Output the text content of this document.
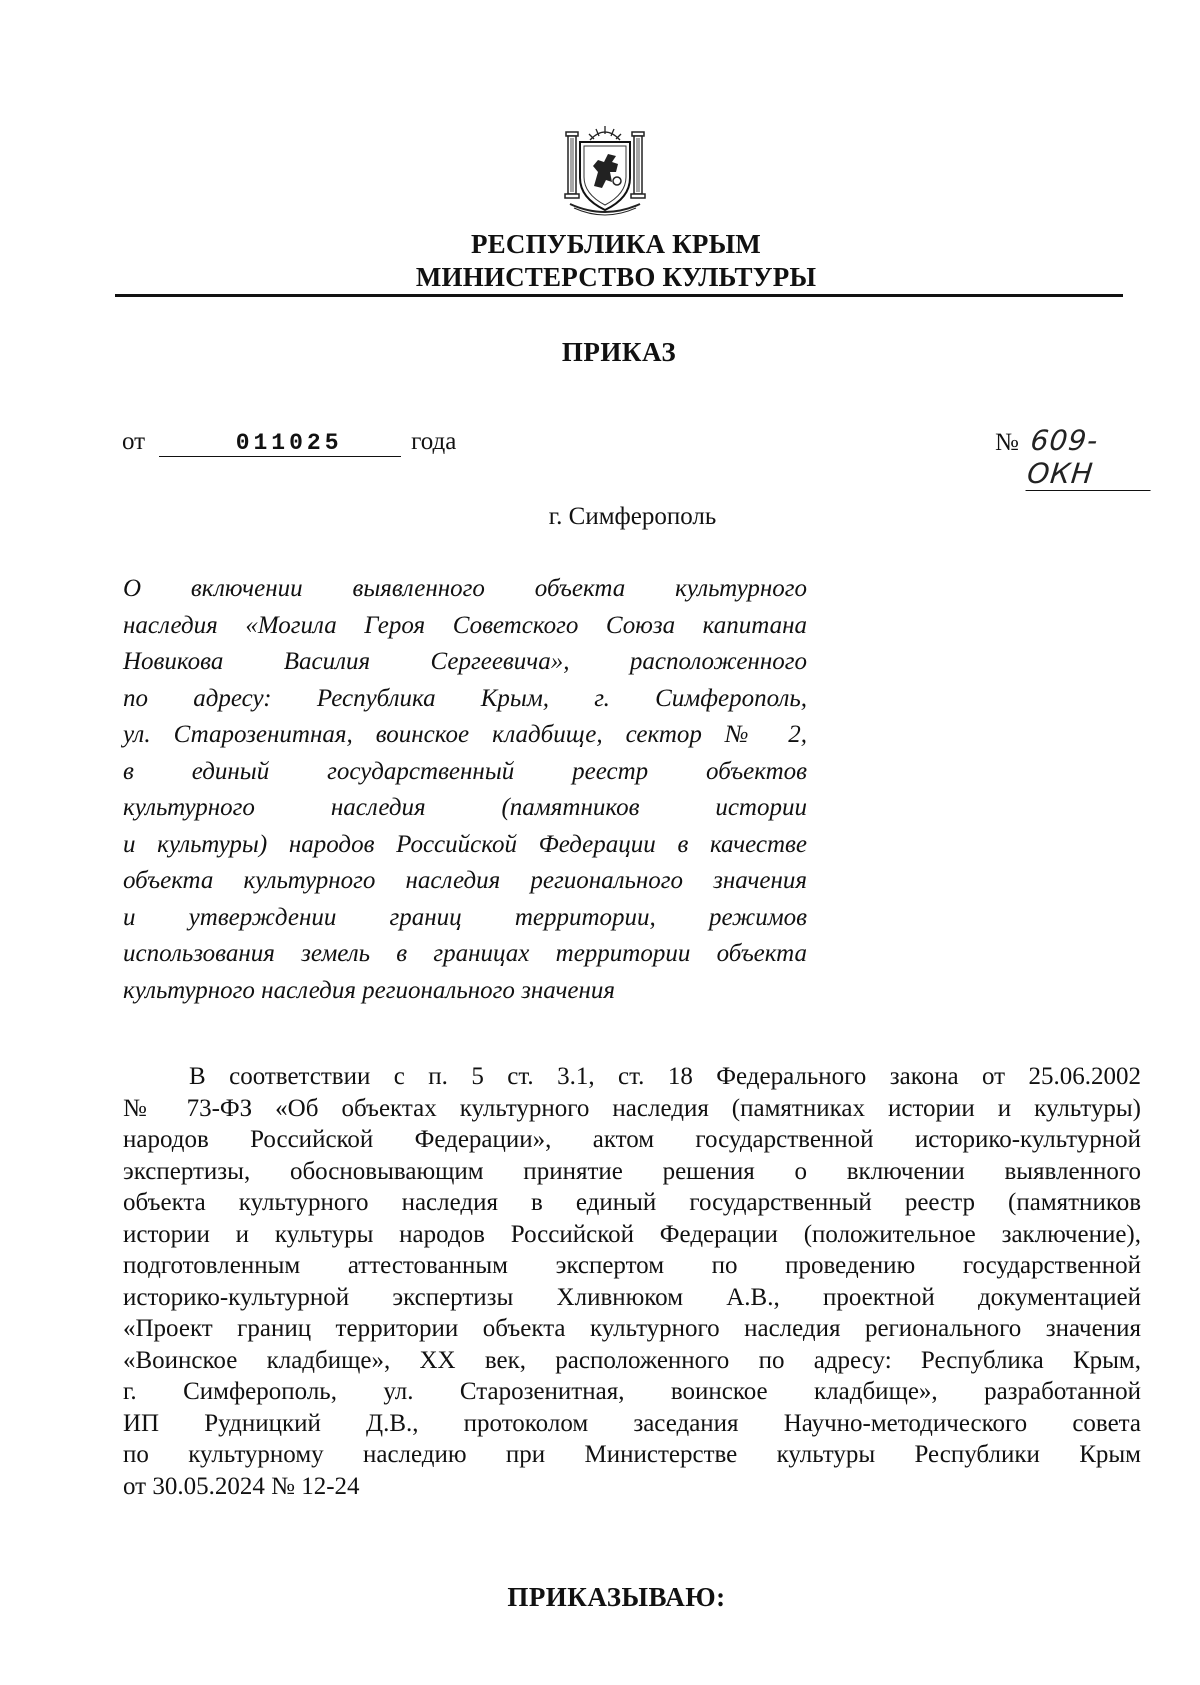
РЕСПУБЛИКА КРЫМ
МИНИСТЕРСТВО КУЛЬТУРЫ
ПРИКАЗ
от	011025	года	№ 609-ОКН
г. Симферополь
О включении выявленного объекта культурного
наследия «Могила Героя Советского Союза капитана
Новикова Василия Сергеевича», расположенного
по адресу: Республика Крым, г. Симферополь,
ул. Старозенитная, воинское кладбище, сектор № 2,
в единый государственный реестр объектов
культурного наследия (памятников истории
и культуры) народов Российской Федерации в качестве
объекта культурного наследия регионального значения
и утверждении границ территории, режимов
использования земель в границах территории объекта
культурного наследия регионального значения
В соответствии с п. 5 ст. 3.1, ст. 18 Федерального закона от 25.06.2002
№ 73-ФЗ «Об объектах культурного наследия (памятниках истории и культуры)
народов Российской Федерации», актом государственной историко-культурной
экспертизы, обосновывающим принятие решения о включении выявленного
объекта культурного наследия в единый государственный реестр (памятников
истории и культуры народов Российской Федерации (положительное заключение),
подготовленным аттестованным экспертом по проведению государственной
историко-культурной экспертизы Хливнюком А.В., проектной документацией
«Проект границ территории объекта культурного наследия регионального значения
«Воинское кладбище», XX век, расположенного по адресу: Республика Крым,
г. Симферополь, ул. Старозенитная, воинское кладбище», разработанной
ИП Рудницкий Д.В., протоколом заседания Научно-методического совета
по культурному наследию при Министерстве культуры Республики Крым
от 30.05.2024 № 12-24
ПРИКАЗЫВАЮ:
